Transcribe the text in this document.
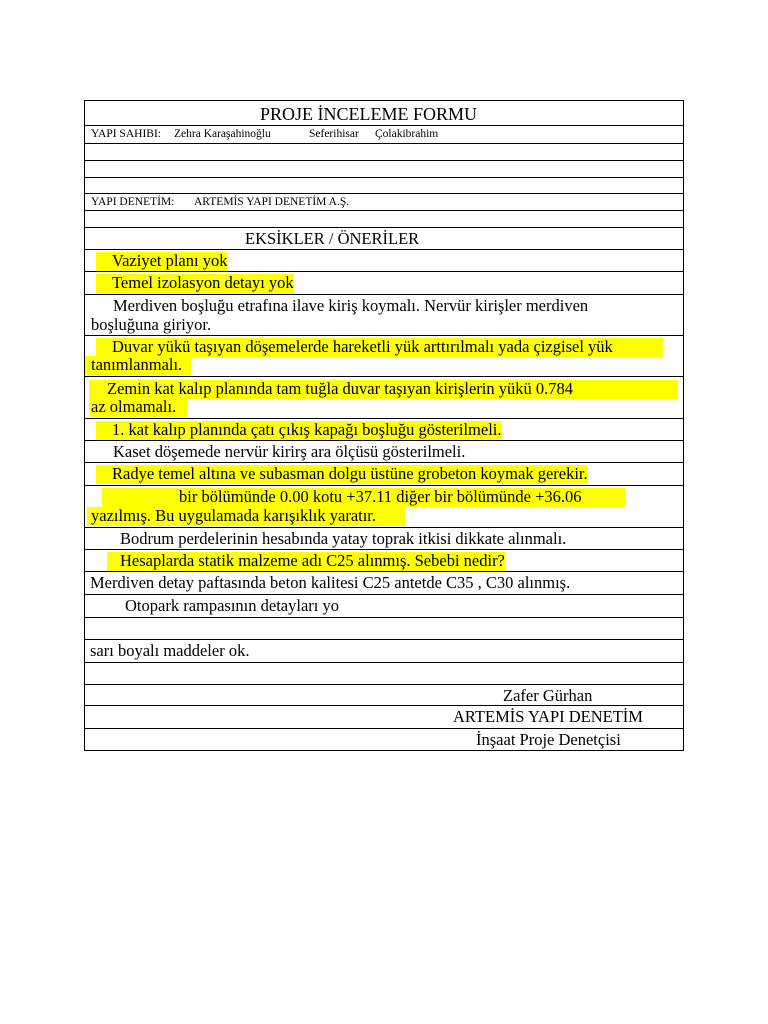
PROJE İNCELEME FORMU
YAPI SAHIBI: Zehra Karaşahinoğlu	Seferihisar Çolakibrahim
YAPI DENETİM: ARTEMİS YAPI DENETİM A.Ş.
EKSİKLER / ÖNERİLER
Vaziyet planı yok
Temel izolasyon detayı yok
Merdiven boşluğu etrafına ilave kiriş koymalı. Nervür kirişler merdiven
boşluğuna giriyor.
Duvar yükü taşıyan döşemelerde hareketli yük arttırılmalı yada çizgisel yük
tanımlanmalı.
Zemin kat kalıp planında tam tuğla duvar taşıyan kirişlerin yükü 0.784
az olmamalı.
1. kat kalıp planında çatı çıkış kapağı boşluğu gösterilmeli.
Kaset döşemede nervür kirirş ara ölçüsü gösterilmeli.
Radye temel altına ve subasman dolgu üstüne grobeton koymak gerekir.
bir bölümünde 0.00 kotu +37.11 diğer bir bölümünde +36.06
yazılmış. Bu uygulamada karışıklık yaratır.
Bodrum perdelerinin hesabında yatay toprak itkisi dikkate alınmalı.
Hesaplarda statik malzeme adı C25 alınmış. Sebebi nedir?
Merdiven detay paftasında beton kalitesi C25 antetde C35 , C30 alınmış.
Otopark rampasının detayları yo
sarı boyalı maddeler ok.
Zafer Gürhan
ARTEMİS YAPI DENETİM
İnşaat Proje Denetçisi
